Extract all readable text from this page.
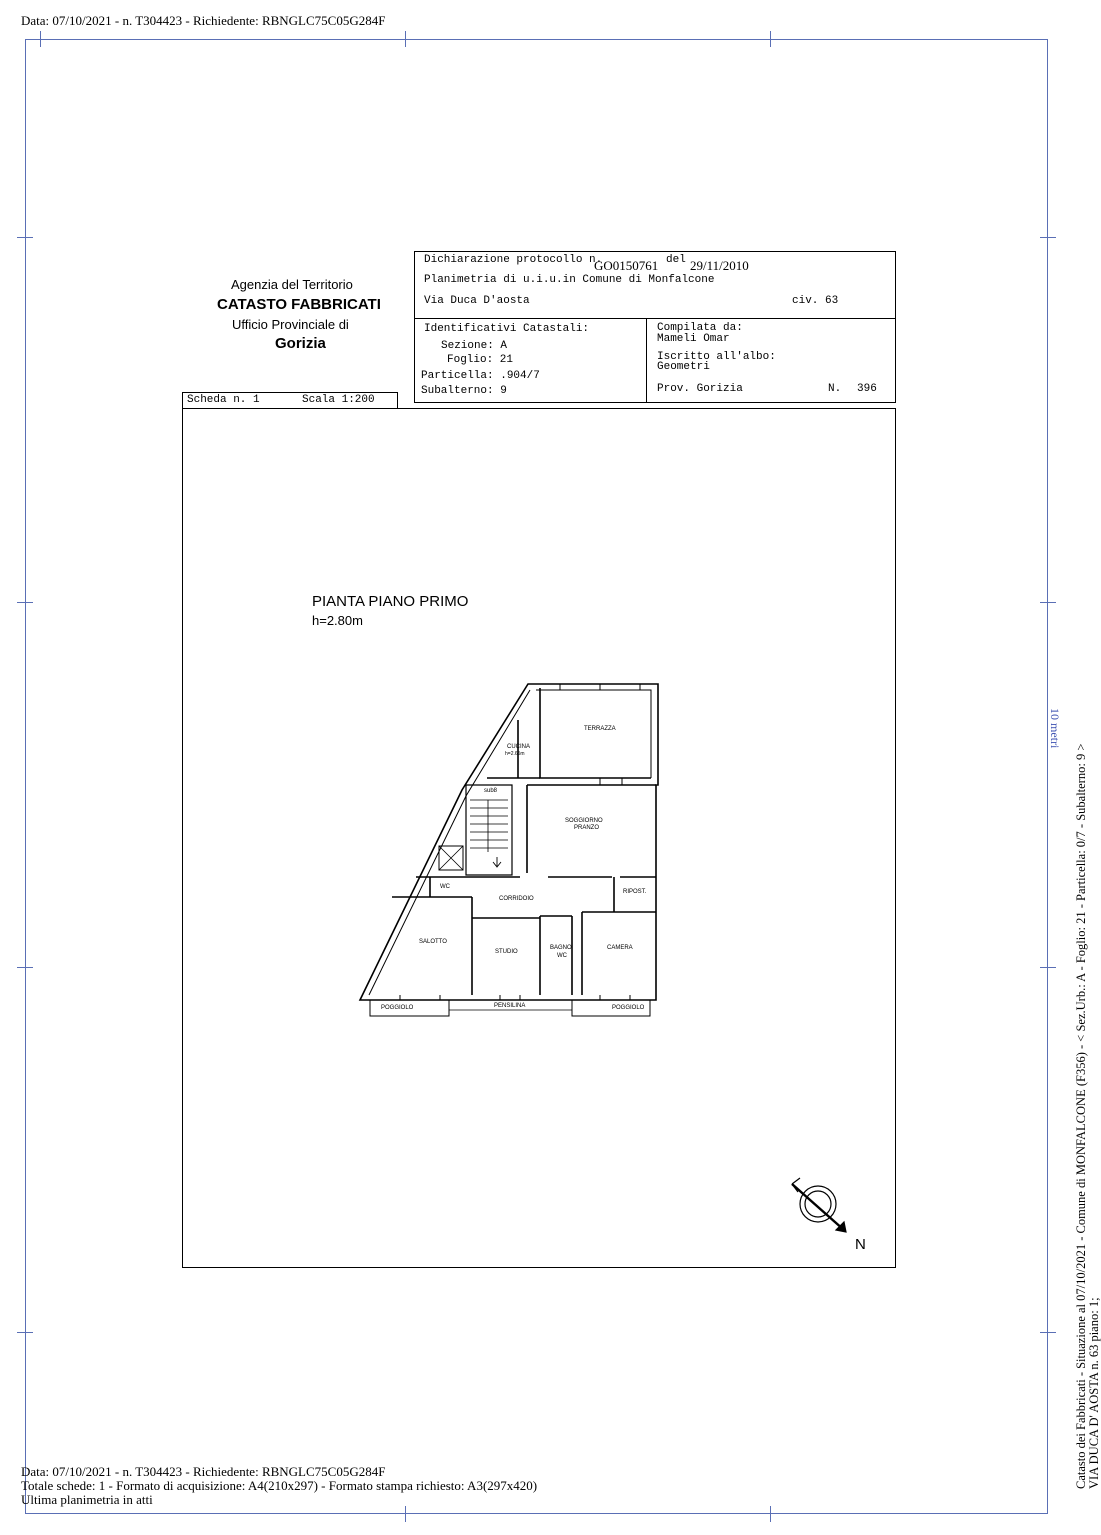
Data: 07/10/2021 - n. T304423 - Richiedente: RBNGLC75C05G284F
Agenzia del Territorio
CATASTO FABBRICATI
Ufficio Provinciale di
Gorizia
Dichiarazione protocollo n.
GO0150761 del 29/11/2010
Planimetria di u.i.u.in Comune di Monfalcone
Via Duca D'aosta	civ. 63
Identificativi Catastali:
Sezione: A
Foglio: 21
Particella: .904/7
Subalterno: 9
Compilata da:
Mameli Omar
Iscritto all'albo:
Geometri
Prov. Gorizia	N. 396
Scheda n. 1	Scala 1:200
PIANTA PIANO PRIMO
h=2.80m
TERRAZZA
CUCINA
h=2.65m
sub8
SOGGIORNO
PRANZO
WC
CORRIDOIO
RIPOST.
SALOTTO
STUDIO
BAGNO
WC
CAMERA
POGGIOLO	PENSILINA	POGGIOLO
N
10 metri
Catasto dei Fabbricati - Situazione al 07/10/2021 - Comune di MONFALCONE (F356) - < Sez.Urb.: A - Foglio: 21 - Particella: 0/7 - Subalterno: 9 > VIA DUCA D' AOSTA n. 63 piano: 1;
Data: 07/10/2021 - n. T304423 - Richiedente: RBNGLC75C05G284F
Totale schede: 1 - Formato di acquisizione: A4(210x297) - Formato stampa richiesto: A3(297x420)
Ultima planimetria in atti
